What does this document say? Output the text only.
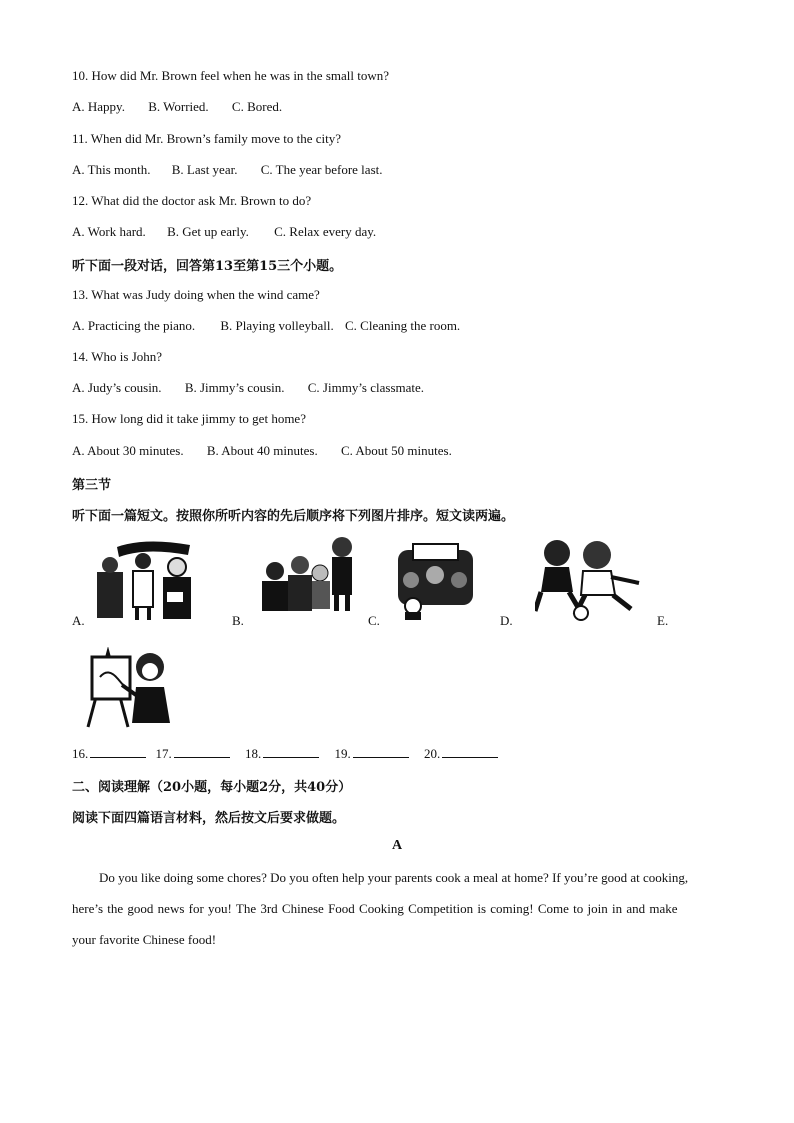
10. How did Mr. Brown feel when he was in the small town?
A. Happy. B. Worried. C. Bored.
11. When did Mr. Brown’s family move to the city?
A. This month. B. Last year. C. The year before last.
12. What did the doctor ask Mr. Brown to do?
A. Work hard. B. Get up early. C. Relax every day.
听下面一段对话，回答第13至第15三个小题。
13. What was Judy doing when the wind came?
A. Practicing the piano. B. Playing volleyball. C. Cleaning the room.
14. Who is John?
A. Judy’s cousin. B. Jimmy’s cousin. C. Jimmy’s classmate.
15. How long did it take jimmy to get home?
A. About 30 minutes. B. About 40 minutes. C. About 50 minutes.
第三节
听下面一篇短文。按照你所听内容的先后顺序将下列图片排序。短文读两遍。
A.	B.	C.	D.	E.
16.	17.	18.	19.	20.
二、阅读理解（20小题，每小题2分，共40分）
阅读下面四篇语言材料，然后按文后要求做题。
A
Do you like doing some chores? Do you often help your parents cook a meal at home? If you’re good at cooking,
here’s the good news for you! The 3rd Chinese Food Cooking Competition is coming! Come to join in and make
your favorite Chinese food!
